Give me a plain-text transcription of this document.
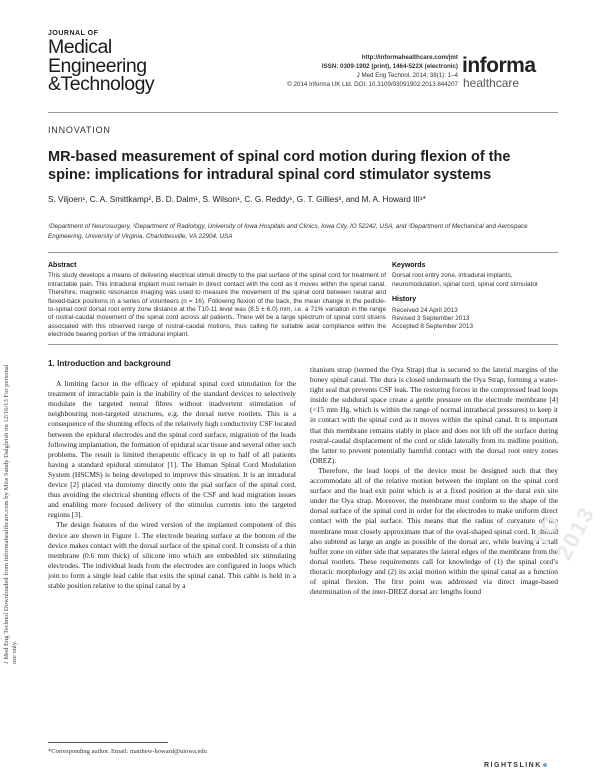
JOURNAL OF
Medical
Engineering
&Technology
http://informahealthcare.com/jmt
ISSN: 0309-1902 (print), 1464-522X (electronic)
J Med Eng Technol, 2014; 38(1): 1–4
© 2014 Informa UK Ltd. DOI: 10.3109/03091902.2013.844207
informa
healthcare
INNOVATION
MR-based measurement of spinal cord motion during flexion of the spine: implications for intradural spinal cord stimulator systems
S. Viljoen¹, C. A. Smittkamp², B. D. Dalm¹, S. Wilson¹, C. G. Reddy¹, G. T. Gillies³, and M. A. Howard III¹*
¹Department of Neurosurgery, ²Department of Radiology, University of Iowa Hospitals and Clinics, Iowa City, IO 52242, USA, and ³Department of Mechanical and Aerospace Engineering, University of Virginia, Charlottesville, VA 22904, USA
Abstract

This study develops a means of delivering electrical stimuli directly to the pial surface of the spinal cord for treatment of intractable pain. This intradural implant must remain in direct contact with the cord as it moves within the spinal canal. Therefore, magnetic resonance imaging was used to measure the movement of the spinal cord between neutral and flexed-back positions in a series of volunteers (n = 16). Following flexion of the back, the mean change in the pedicle-to-spinal cord dorsal root entry zone distance at the T10-11 level was (8.5 ± 6.0) mm, i.e. a 71% variation in the range of rostral-caudal movement of the spinal cord across all patients. There will be a large spectrum of spinal cord strains associated with this observed range of rostral-caudal motions, thus calling for suitable axial compliance within the electrode bearing portion of the intradural implant.

Keywords
Dorsal root entry zone, intradural implants, neuromodulation, spinal cord, spinal cord stimulator
History
Received 24 April 2013
Revised 3 September 2013
Accepted 8 September 2013
1. Introduction and background

A limiting factor in the efficacy of epidural spinal cord stimulation for the treatment of intractable pain is the inability of the standard devices to selectively modulate the targeted neural fibres without inadvertent stimulation of neighbouring non-targeted structures, e.g. the dorsal nerve rootlets. This is a consequence of the shunting effects of the relatively high conductivity CSF located between the epidural electrodes and the spinal cord surface, migration of the leads following implantation, the formation of epidural scar tissue and several other such problems. The result is limited therapeutic efficacy in up to half of all patients having a standard epidural stimulator [1]. The Human Spinal Cord Modulation System (HSCMS) is being developed to improve this situation. It is an intradural device [2] placed via durotomy directly onto the pial surface of the spinal cord, thus avoiding the electrical shunting effects of the CSF and lead migration issues and enabling more focused delivery of the stimulus currents into the targeted regions [3].

The design features of the wired version of the implanted component of this device are shown in Figure 1. The electrode bearing surface at the bottom of the device makes contact with the dorsal surface of the spinal cord. It consists of a thin membrane (0.6 mm thick) of silicone into which are embedded six stimulating electrodes. The individual leads from the electrodes are configured in loops which join to form a single lead cable that exits the spinal canal. This cable is held in a stable position relative to the spinal canal by a

titanium strap (termed the Oya Strap) that is secured to the lateral margins of the boney spinal canal. The dura is closed underneath the Oya Strap, forming a water-tight seal that prevents CSF leak. The restoring forces in the compressed lead loops inside the subdural space create a gentle pressure on the electrode membrane [4] (<15 mm Hg, which is within the range of normal intrathecal pressures) to keep it in contact with the spinal cord as it moves within the spinal canal. It is important that this membrane remains stably in place and does not lift off the surface during rostral-caudal displacement of the cord or slide laterally from its midline position, the latter to prevent potentially harmful contact with the dorsal root entry zones (DREZ).

Therefore, the lead loops of the device must be designed such that they accommodate all of the relative motion between the implant on the spinal cord surface and the lead exit point which is at a fixed position at the dural exit site under the Oya strap. Moreover, the membrane must conform to the shape of the dorsal surface of the spinal cord in order for the electrodes to make uniform direct contact with the pial surface. This means that the radius of curvature of the membrane must closely approximate that of the oval-shaped spinal cord. It should also subtend as large an angle as possible of the dorsal arc, while leaving a small buffer zone on either side that separates the lateral edges of the membrane from the dorsal rootlets. These requirements call for knowledge of (1) the spinal cord’s thoracic morphology and (2) its axial motion within the spinal canal as a function of spinal flexion. The first point was addressed via direct image-based determination of the inter-DREZ dorsal arc lengths found

*Corresponding author. Email: matthew-howard@uiowa.edu
J Med Eng Technol Downloaded from informahealthcare.com by Miss Sandy Dalgleish on 12/16/13 For personal use only.
TO 2013
RIGHTSLINK
